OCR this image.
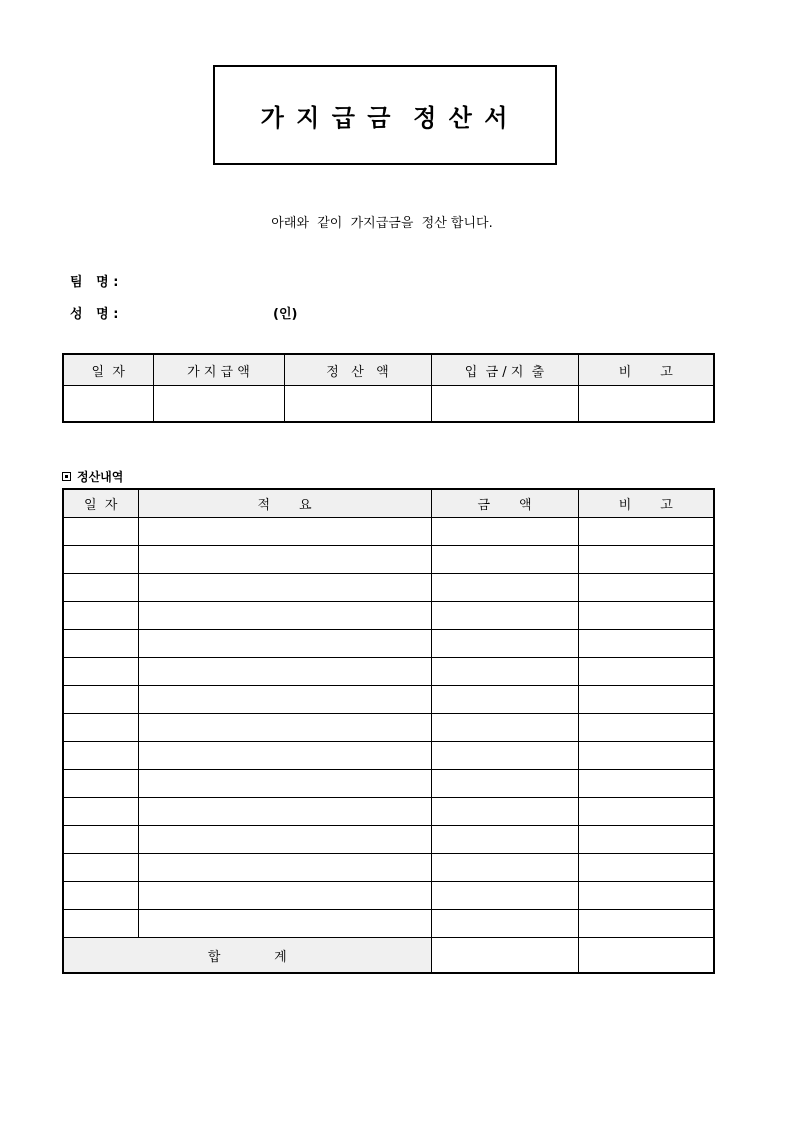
가 지 급 금  정 산 서
아래와  같이  가지급금을  정산 합니다.
팀   명 :
성   명 :	(인)
일  자	가 지 급 액	정   산   액	입  금 / 지  출	비       고

정산내역
일  자	적       요	금       액	비       고

합             계			
